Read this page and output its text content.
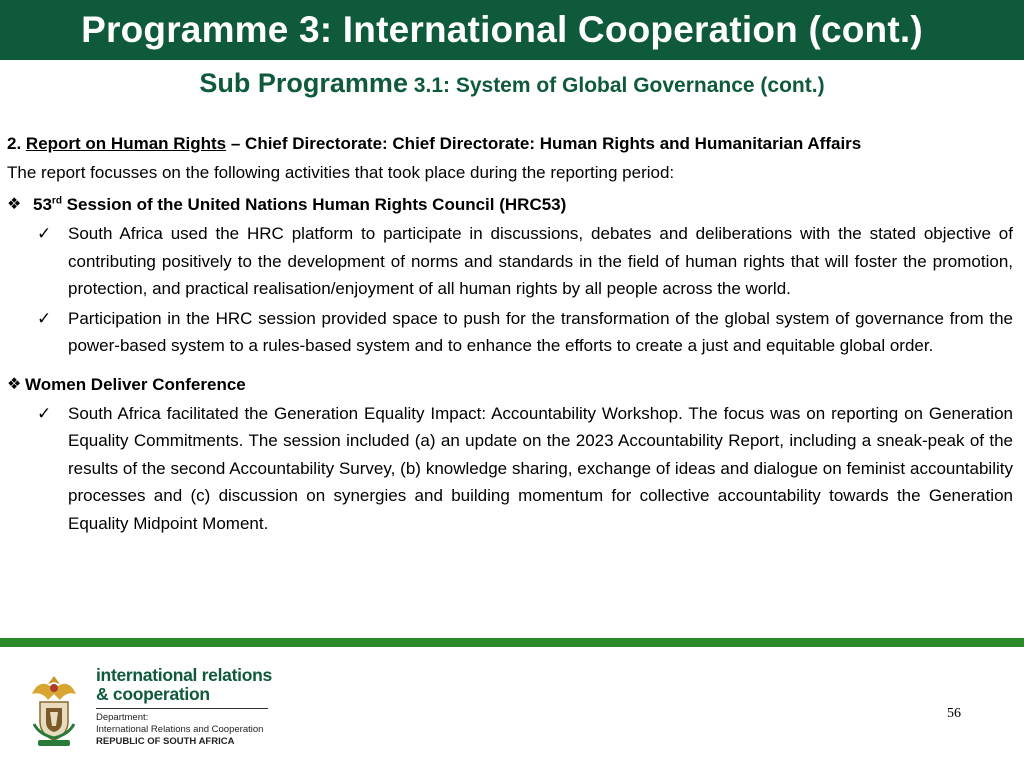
Programme 3: International Cooperation (cont.)
Sub Programme 3.1: System of Global Governance (cont.)

2. Report on Human Rights – Chief Directorate: Chief Directorate: Human Rights and Humanitarian Affairs

The report focusses on the following activities that took place during the reporting period:

❖ 53rd Session of the United Nations Human Rights Council (HRC53)
✓ South Africa used the HRC platform to participate in discussions, debates and deliberations with the stated objective of contributing positively to the development of norms and standards in the field of human rights that will foster the promotion, protection, and practical realisation/enjoyment of all human rights by all people across the world.
✓ Participation in the HRC session provided space to push for the transformation of the global system of governance from the power-based system to a rules-based system and to enhance the efforts to create a just and equitable global order.
❖ Women Deliver Conference
✓ South Africa facilitated the Generation Equality Impact: Accountability Workshop. The focus was on reporting on Generation Equality Commitments. The session included (a) an update on the 2023 Accountability Report, including a sneak-peak of the results of the second Accountability Survey, (b) knowledge sharing, exchange of ideas and dialogue on feminist accountability processes and (c) discussion on synergies and building momentum for collective accountability towards the Generation Equality Midpoint Moment.
international relations
& cooperation
Department:
International Relations and Cooperation
REPUBLIC OF SOUTH AFRICA
56
